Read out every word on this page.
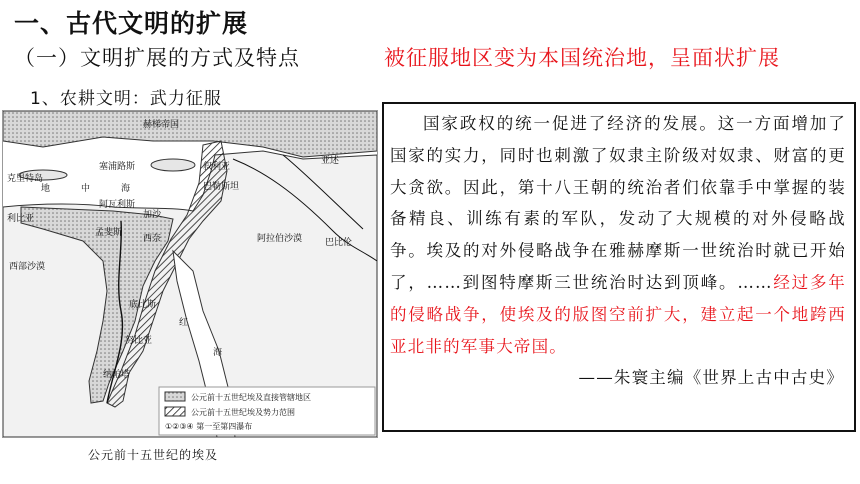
一、古代文明的扩展
（一）文明扩展的方式及特点	被征服地区变为本国统治地，呈面状扩展
1、农耕文明：武力征服
赫梯帝国
塞浦路斯	叙利亚
亚述
克里特岛
地	中	海	巴勒斯坦
阿瓦利斯
加沙
西奈
利比亚
孟斐斯
阿拉伯沙漠	巴比伦
西部沙漠
底比斯
红
海
努比亚
纳帕塔
公元前十五世纪埃及直接管辖地区
公元前十五世纪埃及势力范围
①②③④ 第一至第四瀑布
公元前十五世纪的埃及

国家政权的统一促进了经济的发展。这一方面增加了国家的实力，同时也刺激了奴隶主阶级对奴隶、财富的更大贪欲。因此，第十八王朝的统治者们依靠手中掌握的装备精良、训练有素的军队，发动了大规模的对外侵略战争。埃及的对外侵略战争在雅赫摩斯一世统治时就已开始了，……到图特摩斯三世统治时达到顶峰。……经过多年的侵略战争，使埃及的版图空前扩大，建立起一个地跨西亚北非的军事大帝国。
——朱寰主编《世界上古中古史》
